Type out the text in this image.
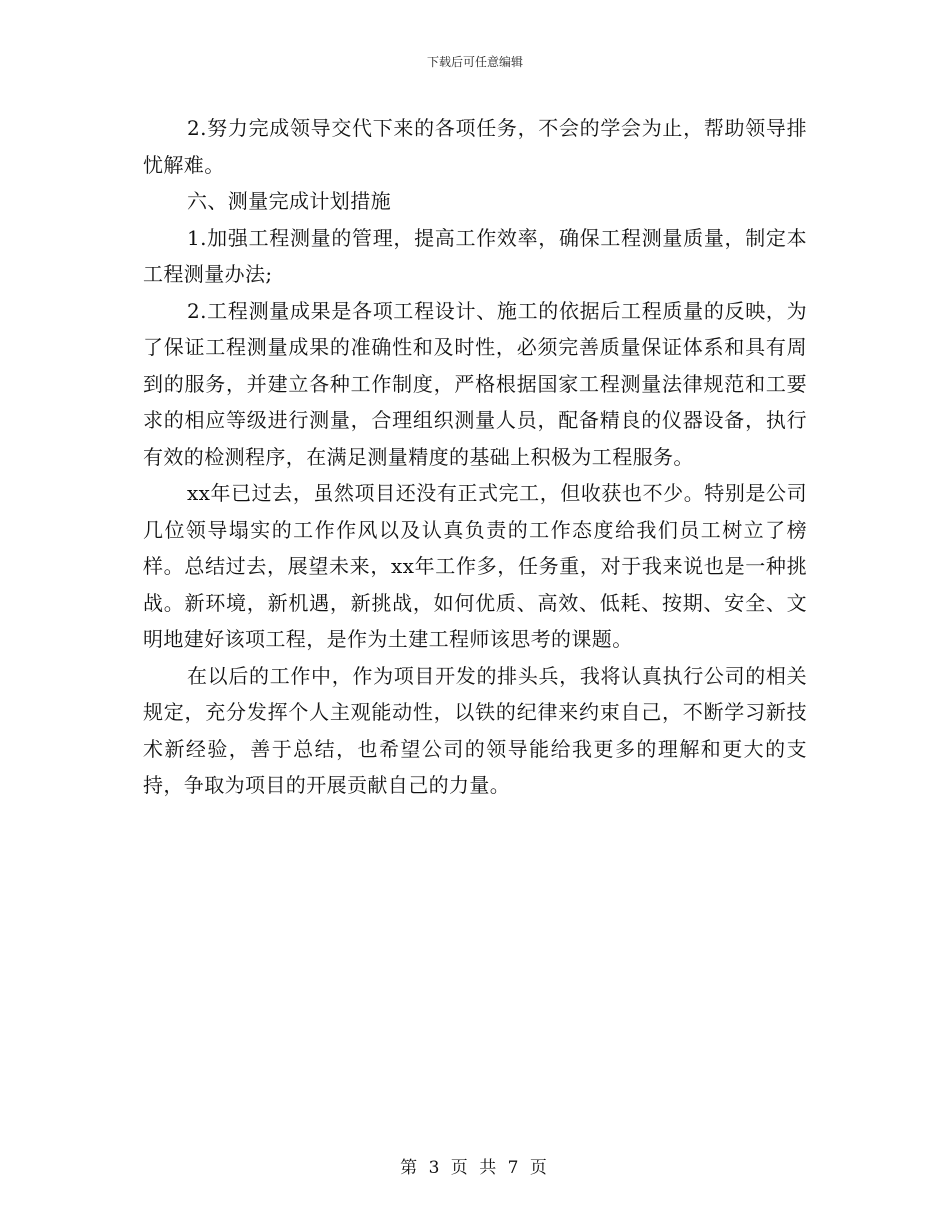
下载后可任意编辑

2.努力完成领导交代下来的各项任务，不会的学会为止，帮助领导排忧解难。

六、测量完成计划措施

1.加强工程测量的管理，提高工作效率，确保工程测量质量，制定本工程测量办法;

2.工程测量成果是各项工程设计、施工的依据后工程质量的反映，为了保证工程测量成果的准确性和及时性，必须完善质量保证体系和具有周到的服务，并建立各种工作制度，严格根据国家工程测量法律规范和工要求的相应等级进行测量，合理组织测量人员，配备精良的仪器设备，执行有效的检测程序，在满足测量精度的基础上积极为工程服务。

xx年已过去，虽然项目还没有正式完工，但收获也不少。特别是公司几位领导塌实的工作作风以及认真负责的工作态度给我们员工树立了榜样。总结过去，展望未来，xx年工作多，任务重，对于我来说也是一种挑战。新环境，新机遇，新挑战，如何优质、高效、低耗、按期、安全、文明地建好该项工程，是作为土建工程师该思考的课题。

在以后的工作中，作为项目开发的排头兵，我将认真执行公司的相关规定，充分发挥个人主观能动性，以铁的纪律来约束自己，不断学习新技术新经验，善于总结，也希望公司的领导能给我更多的理解和更大的支持，争取为项目的开展贡献自己的力量。

第 3 页 共 7 页
